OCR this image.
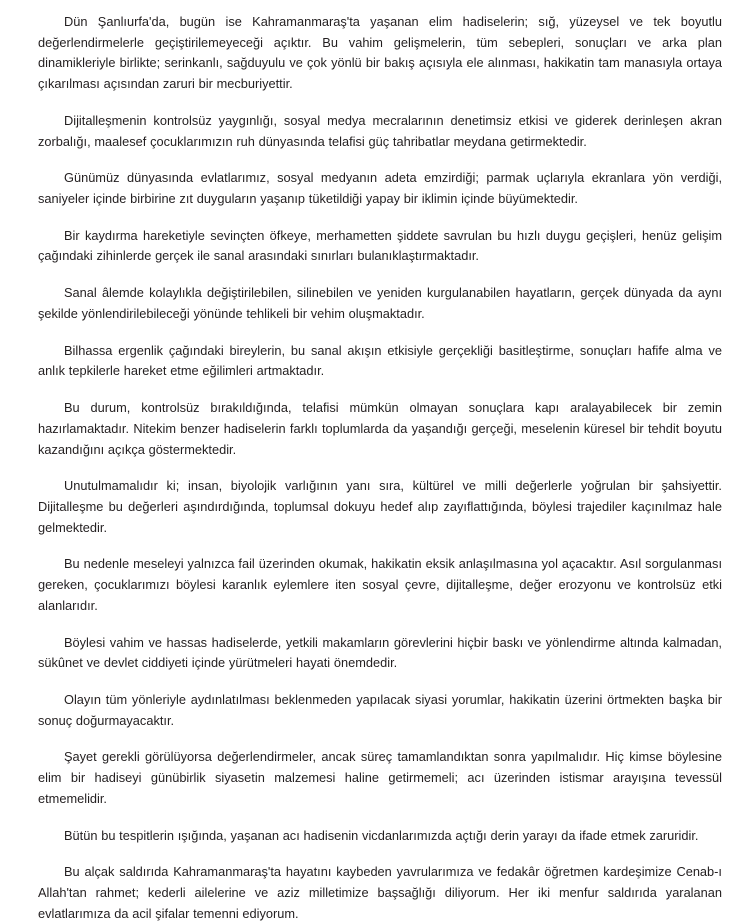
Dün Şanlıurfa'da, bugün ise Kahramanmaraş'ta yaşanan elim hadiselerin; sığ, yüzeysel ve tek boyutlu değerlendirmelerle geçiştirilemeyeceği açıktır. Bu vahim gelişmelerin, tüm sebepleri, sonuçları ve arka plan dinamikleriyle birlikte; serinkanlı, sağduyulu ve çok yönlü bir bakış açısıyla ele alınması, hakikatin tam manasıyla ortaya çıkarılması açısından zaruri bir mecburiyettir.

Dijitalleşmenin kontrolsüz yaygınlığı, sosyal medya mecralarının denetimsiz etkisi ve giderek derinleşen akran zorbalığı, maalesef çocuklarımızın ruh dünyasında telafisi güç tahribatlar meydana getirmektedir.

Günümüz dünyasında evlatlarımız, sosyal medyanın adeta emzirdiği; parmak uçlarıyla ekranlara yön verdiği, saniyeler içinde birbirine zıt duyguların yaşanıp tüketildiği yapay bir iklimin içinde büyümektedir.

Bir kaydırma hareketiyle sevinçten öfkeye, merhametten şiddete savrulan bu hızlı duygu geçişleri, henüz gelişim çağındaki zihinlerde gerçek ile sanal arasındaki sınırları bulanıklaştırmaktadır.

Sanal âlemde kolaylıkla değiştirilebilen, silinebilen ve yeniden kurgulanabilen hayatların, gerçek dünyada da aynı şekilde yönlendirilebileceği yönünde tehlikeli bir vehim oluşmaktadır.

Bilhassa ergenlik çağındaki bireylerin, bu sanal akışın etkisiyle gerçekliği basitleştirme, sonuçları hafife alma ve anlık tepkilerle hareket etme eğilimleri artmaktadır.

Bu durum, kontrolsüz bırakıldığında, telafisi mümkün olmayan sonuçlara kapı aralayabilecek bir zemin hazırlamaktadır. Nitekim benzer hadiselerin farklı toplumlarda da yaşandığı gerçeği, meselenin küresel bir tehdit boyutu kazandığını açıkça göstermektedir.

Unutulmamalıdır ki; insan, biyolojik varlığının yanı sıra, kültürel ve milli değerlerle yoğrulan bir şahsiyettir. Dijitalleşme bu değerleri aşındırdığında, toplumsal dokuyu hedef alıp zayıflattığında, böylesi trajediler kaçınılmaz hale gelmektedir.

Bu nedenle meseleyi yalnızca fail üzerinden okumak, hakikatin eksik anlaşılmasına yol açacaktır. Asıl sorgulanması gereken, çocuklarımızı böylesi karanlık eylemlere iten sosyal çevre, dijitalleşme, değer erozyonu ve kontrolsüz etki alanlarıdır.

Böylesi vahim ve hassas hadiselerde, yetkili makamların görevlerini hiçbir baskı ve yönlendirme altında kalmadan, sükûnet ve devlet ciddiyeti içinde yürütmeleri hayati önemdedir.

Olayın tüm yönleriyle aydınlatılması beklenmeden yapılacak siyasi yorumlar, hakikatin üzerini örtmekten başka bir sonuç doğurmayacaktır.

Şayet gerekli görülüyorsa değerlendirmeler, ancak süreç tamamlandıktan sonra yapılmalıdır. Hiç kimse böylesine elim bir hadiseyi günübirlik siyasetin malzemesi haline getirmemeli; acı üzerinden istismar arayışına tevessül etmemelidir.

Bütün bu tespitlerin ışığında, yaşanan acı hadisenin vicdanlarımızda açtığı derin yarayı da ifade etmek zaruridir.

Bu alçak saldırıda Kahramanmaraş'ta hayatını kaybeden yavrularımıza ve fedakâr öğretmen kardeşimize Cenab-ı Allah'tan rahmet; kederli ailelerine ve aziz milletimize başsağlığı diliyorum. Her iki menfur saldırıda yaralanan evlatlarımıza da acil şifalar temenni ediyorum.
